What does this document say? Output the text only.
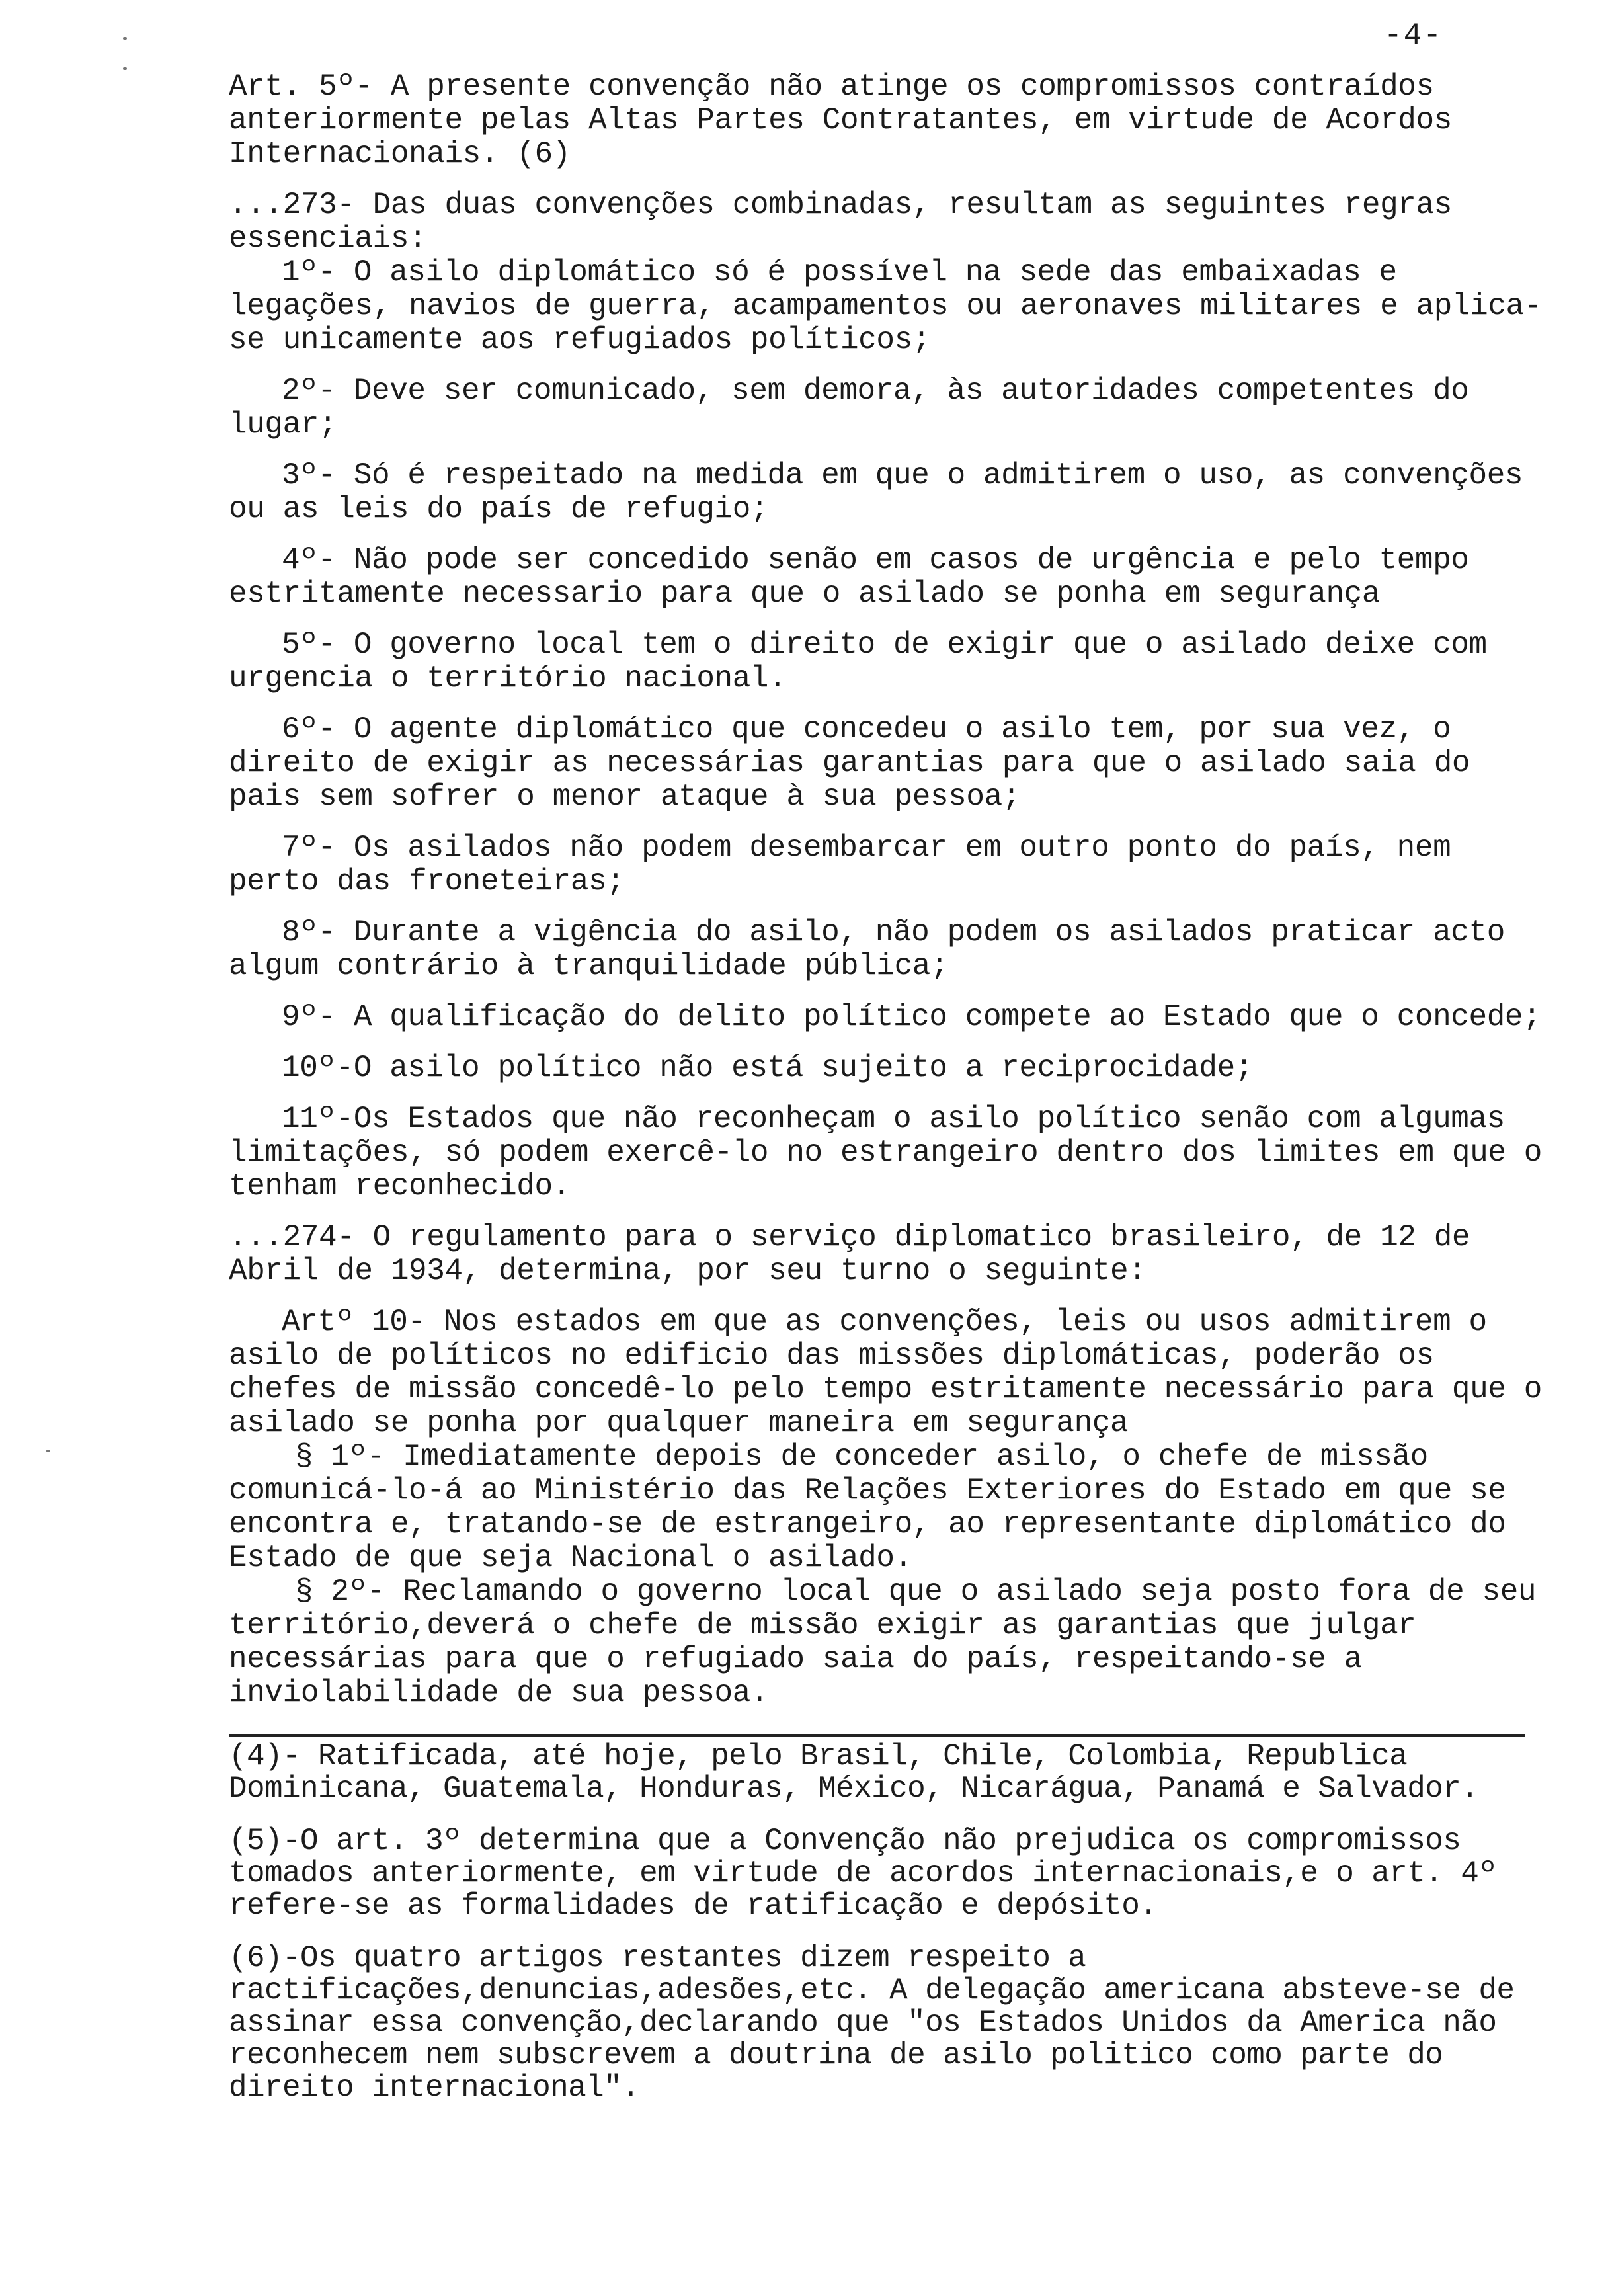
-4-

Art. 5º- A presente convenção não atinge os compromissos contraídos anteriormente pelas Altas Partes Contratantes, em virtude de Acordos Internacionais. (6)

...273- Das duas convenções combinadas, resultam as seguintes regras essenciais:

1º- O asilo diplomático só é possível na sede das embaixadas e legações, navios de guerra, acampamentos ou aeronaves militares e aplica-se unicamente aos refugiados políticos;

2º- Deve ser comunicado, sem demora, às autoridades competentes do lugar;

3º- Só é respeitado na medida em que o admitirem o uso, as convenções ou as leis do país de refugio;

4º- Não pode ser concedido senão em casos de urgência e pelo tempo estritamente necessario para que o asilado se ponha em segurança

5º- O governo local tem o direito de exigir que o asilado deixe com urgencia o território nacional.

6º- O agente diplomático que concedeu o asilo tem, por sua vez, o direito de exigir as necessárias garantias para que o asilado saia do pais sem sofrer o menor ataque à sua pessoa;

7º- Os asilados não podem desembarcar em outro ponto do país, nem perto das froneteiras;

8º- Durante a vigência do asilo, não podem os asilados praticar acto algum contrário à tranquilidade pública;

9º- A qualificação do delito político compete ao Estado que o concede;

10º-O asilo político não está sujeito a reciprocidade;

11º-Os Estados que não reconheçam o asilo político senão com algumas limitações, só podem exercê-lo no estrangeiro dentro dos limites em que o tenham reconhecido.

...274- O regulamento para o serviço diplomatico brasileiro, de 12 de Abril de 1934, determina, por seu turno o seguinte:

Artº 10- Nos estados em que as convenções, leis ou usos admitirem o asilo de políticos no edificio das missões diplomáticas, poderão os chefes de missão concedê-lo pelo tempo estritamente necessário para que o asilado se ponha por qualquer maneira em segurança

§ 1º- Imediatamente depois de conceder asilo, o chefe de missão comunicá-lo-á ao Ministério das Relações Exteriores do Estado em que se encontra e, tratando-se de estrangeiro, ao representante diplomático do Estado de que seja Nacional o asilado.

§ 2º- Reclamando o governo local que o asilado seja posto fora de seu território,deverá o chefe de missão exigir as garantias que julgar necessárias para que o refugiado saia do país, respeitando-se a inviolabilidade de sua pessoa.

(4)- Ratificada, até hoje, pelo Brasil, Chile, Colombia, Republica Dominicana, Guatemala, Honduras, México, Nicarágua, Panamá e Salvador.

(5)-O art. 3º determina que a Convenção não prejudica os compromissos tomados anteriormente, em virtude de acordos internacionais,e o art. 4º refere-se as formalidades de ratificação e depósito.

(6)-Os quatro artigos restantes dizem respeito a ractificações,denuncias,adesões,etc. A delegação americana absteve-se de assinar essa convenção,declarando que "os Estados Unidos da America não reconhecem nem subscrevem a doutrina de asilo politico como parte do direito internacional".
